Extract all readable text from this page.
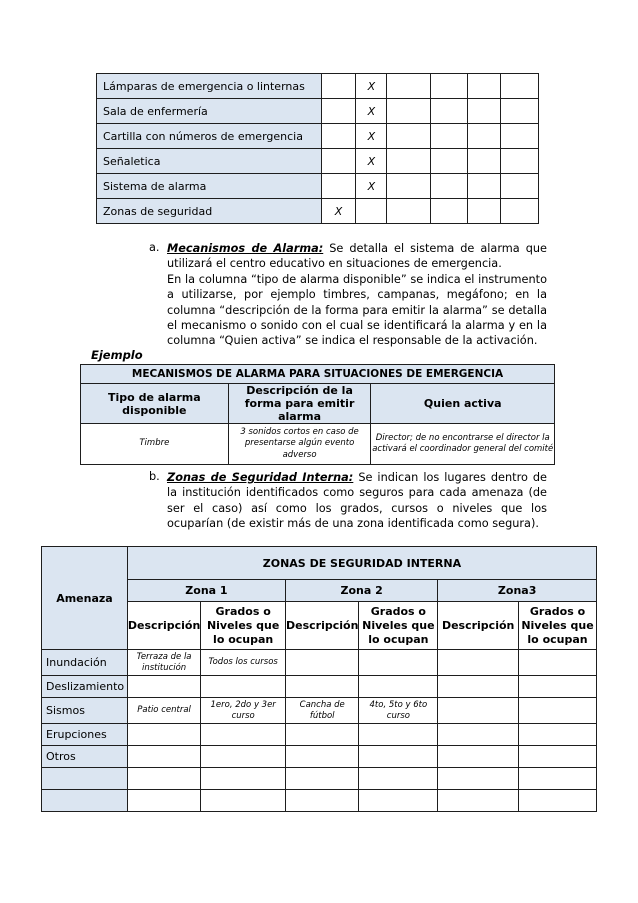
Lámparas de emergencia o linternas		X				
Sala de enfermería		X				
Cartilla con números de emergencia		X				
Señaletica		X				
Sistema de alarma		X				
Zonas de seguridad	X					
a. Mecanismos de Alarma: Se detalla el sistema de alarma que utilizará el centro educativo en situaciones de emergencia.
En la columna “tipo de alarma disponible” se indica el instrumento a utilizarse, por ejemplo timbres, campanas, megáfono; en la columna “descripción de la forma para emitir la alarma” se detalla el mecanismo o sonido con el cual se identificará la alarma y en la columna “Quien activa” se indica el responsable de la activación.
Ejemplo
MECANISMOS DE ALARMA PARA SITUACIONES DE EMERGENCIA		
Tipo de alarma disponible	Descripción de la forma para emitir alarma	Quien activa
Timbre	3 sonidos cortos en caso de presentarse algún evento adverso	Director; de no encontrarse el director la activará el coordinador general del comité
b. Zonas de Seguridad Interna: Se indican los lugares dentro de la institución identificados como seguros para cada amenaza (de ser el caso) así como los grados, cursos o niveles que los ocuparían (de existir más de una zona identificada como segura).
Amenaza	ZONAS DE SEGURIDAD INTERNA					
	Zona 1		Zona 2		Zona3	
	Descripción	Grados o Niveles que lo ocupan	Descripción	Grados o Niveles que lo ocupan	Descripción	Grados o Niveles que lo ocupan
Inundación	Terraza de la institución	Todos los cursos				
Deslizamiento						
Sismos	Patio central	1ero, 2do y 3er curso	Cancha de fútbol	4to, 5to y 6to curso		
Erupciones						
Otros						
